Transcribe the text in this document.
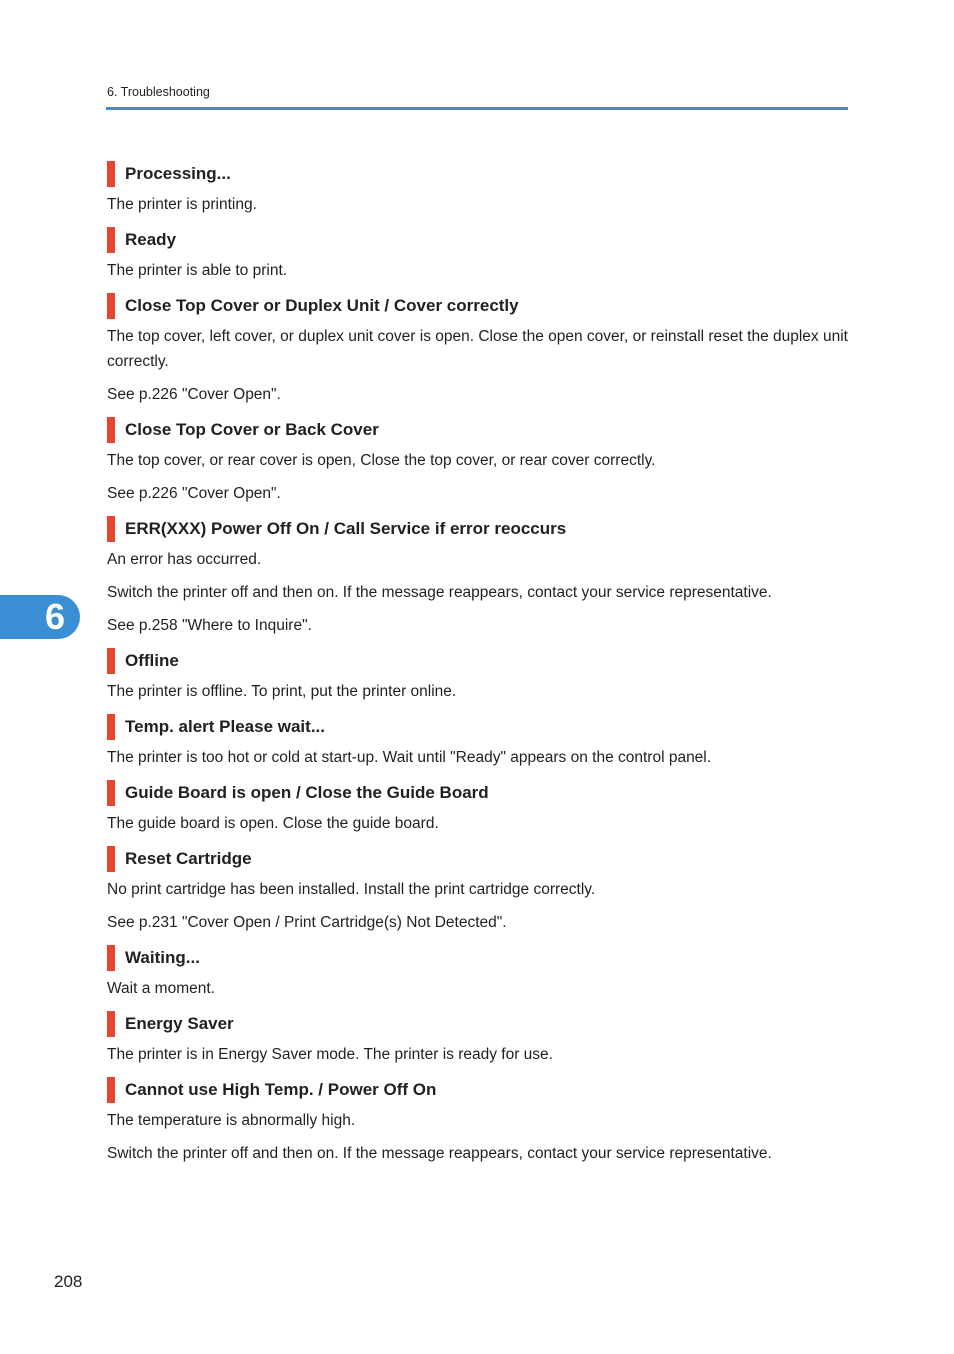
6. Troubleshooting
6
Processing...

The printer is printing.

Ready

The printer is able to print.

Close Top Cover or Duplex Unit / Cover correctly

The top cover, left cover, or duplex unit cover is open. Close the open cover, or reinstall reset the duplex unit correctly.

See p.226 "Cover Open".

Close Top Cover or Back Cover

The top cover, or rear cover is open, Close the top cover, or rear cover correctly.

See p.226 "Cover Open".

ERR(XXX) Power Off On / Call Service if error reoccurs

An error has occurred.

Switch the printer off and then on. If the message reappears, contact your service representative.

See p.258 "Where to Inquire".

Offline

The printer is offline. To print, put the printer online.

Temp. alert Please wait...

The printer is too hot or cold at start-up. Wait until "Ready" appears on the control panel.

Guide Board is open / Close the Guide Board

The guide board is open. Close the guide board.

Reset Cartridge

No print cartridge has been installed. Install the print cartridge correctly.

See p.231 "Cover Open / Print Cartridge(s) Not Detected".

Waiting...

Wait a moment.

Energy Saver

The printer is in Energy Saver mode. The printer is ready for use.

Cannot use High Temp. / Power Off On

The temperature is abnormally high.

Switch the printer off and then on. If the message reappears, contact your service representative.

208
